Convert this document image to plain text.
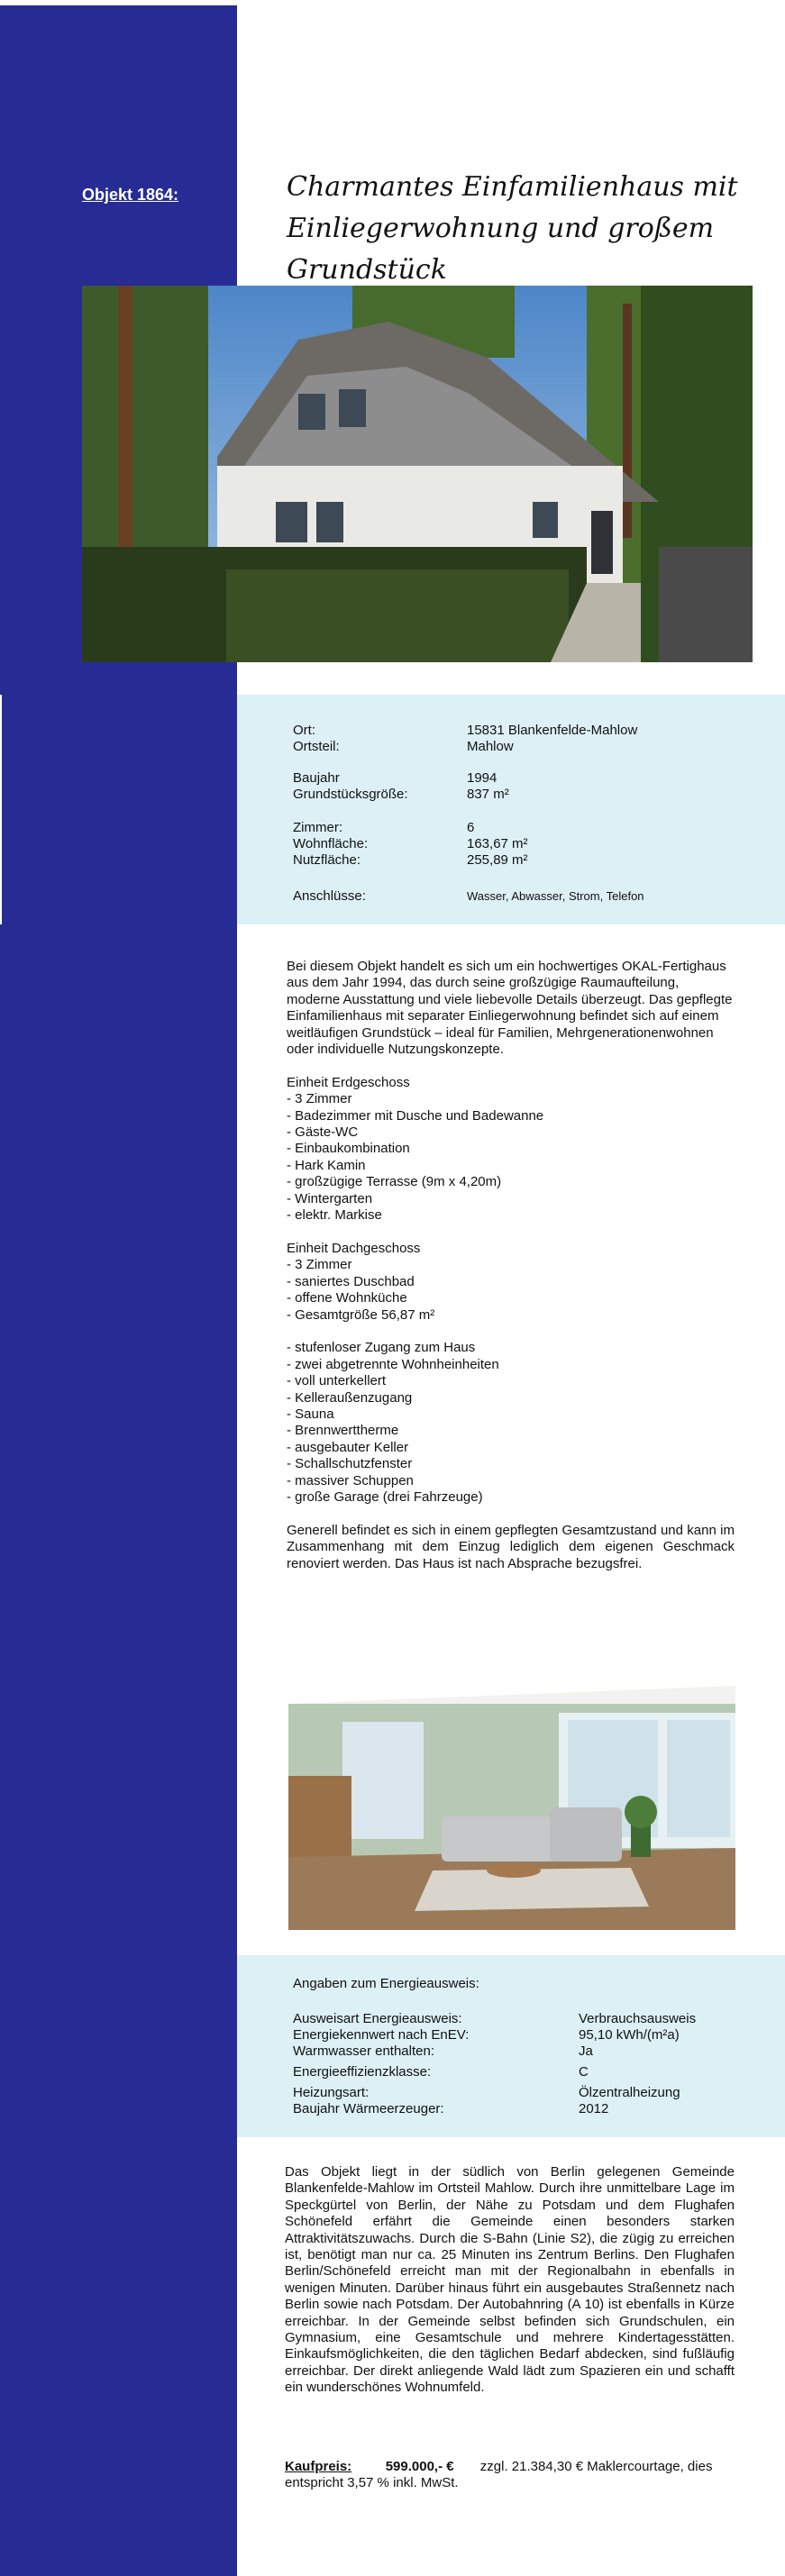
Objekt 1864:	Charmantes Einfamilienhaus mit
Einliegerwohnung und großem Grundstück
Ort:	15831 Blankenfelde-Mahlow
Ortsteil:	Mahlow
Baujahr	1994
Grundstücksgröße:	837 m²
Zimmer:	6
Wohnfläche:	163,67 m²
Nutzfläche:	255,89 m²
Anschlüsse:	Wasser, Abwasser, Strom, Telefon

Bei diesem Objekt handelt es sich um ein hochwertiges OKAL-Fertighaus aus dem Jahr 1994, das durch seine großzügige Raumaufteilung, moderne Ausstattung und viele liebevolle Details überzeugt. Das gepflegte Einfamilienhaus mit separater Einliegerwohnung befindet sich auf einem weitläufigen Grundstück – ideal für Familien, Mehrgenerationenwohnen oder individuelle Nutzungskonzepte.

Einheit Erdgeschoss

- 3 Zimmer

- Badezimmer mit Dusche und Badewanne

- Gäste-WC

- Einbaukombination

- Hark Kamin

- großzügige Terrasse (9m x 4,20m)

- Wintergarten

- elektr. Markise

Einheit Dachgeschoss

- 3 Zimmer

- saniertes Duschbad

- offene Wohnküche

- Gesamtgröße 56,87 m²

- stufenloser Zugang zum Haus

- zwei abgetrennte Wohnheinheiten

- voll unterkellert

- Kelleraußenzugang

- Sauna

- Brennwerttherme

- ausgebauter Keller

- Schallschutzfenster

- massiver Schuppen

- große Garage (drei Fahrzeuge)

Generell befindet es sich in einem gepflegten Gesamtzustand und kann im Zusammenhang mit dem Einzug lediglich dem eigenen Geschmack renoviert werden. Das Haus ist nach Absprache bezugsfrei.

Angaben zum Energieausweis:
Ausweisart Energieausweis:	Verbrauchsausweis
Energiekennwert nach EnEV:	95,10 kWh/(m²a)
Warmwasser enthalten:	Ja
Energieeffizienzklasse:	C
Heizungsart:	Ölzentralheizung
Baujahr Wärmeerzeuger:	2012

Das Objekt liegt in der südlich von Berlin gelegenen Gemeinde Blankenfelde-Mahlow im Ortsteil Mahlow. Durch ihre unmittelbare Lage im Speckgürtel von Berlin, der Nähe zu Potsdam und dem Flughafen Schönefeld erfährt die Gemeinde einen besonders starken Attraktivitätszuwachs. Durch die S-Bahn (Linie S2), die zügig zu erreichen ist, benötigt man nur ca. 25 Minuten ins Zentrum Berlins. Den Flughafen Berlin/Schönefeld erreicht man mit der Regionalbahn in ebenfalls in wenigen Minuten. Darüber hinaus führt ein ausgebautes Straßennetz nach Berlin sowie nach Potsdam. Der Autobahnring (A 10) ist ebenfalls in Kürze erreichbar. In der Gemeinde selbst befinden sich Grundschulen, ein Gymnasium, eine Gesamtschule und mehrere Kindertagesstätten. Einkaufsmöglichkeiten, die den täglichen Bedarf abdecken, sind fußläufig erreichbar. Der direkt anliegende Wald lädt zum Spazieren ein und schafft ein wunderschönes Wohnumfeld.

Kaufpreis:	599.000,- € zzgl. 21.384,30 € Maklercourtage, dies entspricht 3,57 % inkl. MwSt.
